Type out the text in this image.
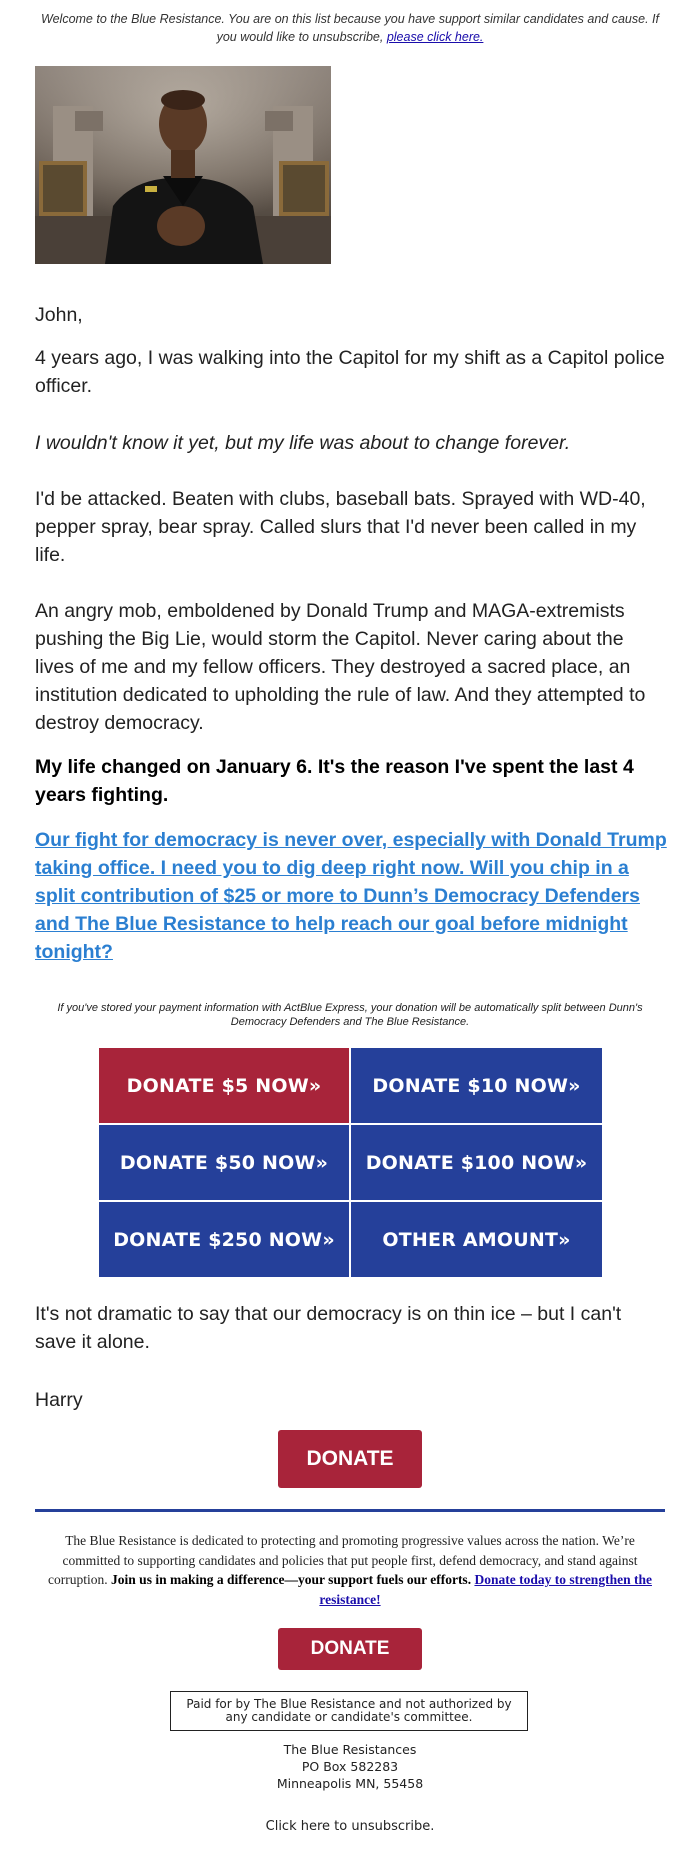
Welcome to the Blue Resistance. You are on this list because you have support similar candidates and cause. If you would like to unsubscribe, please click here.
John,
4 years ago, I was walking into the Capitol for my shift as a Capitol police officer.
I wouldn't know it yet, but my life was about to change forever.
I'd be attacked. Beaten with clubs, baseball bats. Sprayed with WD-40, pepper spray, bear spray. Called slurs that I'd never been called in my life.
An angry mob, emboldened by Donald Trump and MAGA-extremists pushing the Big Lie, would storm the Capitol. Never caring about the lives of me and my fellow officers. They destroyed a sacred place, an institution dedicated to upholding the rule of law. And they attempted to destroy democracy.
My life changed on January 6. It's the reason I've spent the last 4 years fighting.
Our fight for democracy is never over, especially with Donald Trump taking office. I need you to dig deep right now. Will you chip in a split contribution of $25 or more to Dunn’s Democracy Defenders and The Blue Resistance to help reach our goal before midnight tonight?
If you've stored your payment information with ActBlue Express, your donation will be automatically split between Dunn's Democracy Defenders and The Blue Resistance.
DONATE $5 NOW»	DONATE $10 NOW»
DONATE $50 NOW»	DONATE $100 NOW»
DONATE $250 NOW»	OTHER AMOUNT»
It's not dramatic to say that our democracy is on thin ice – but I can't save it alone.
Harry
DONATE
The Blue Resistance is dedicated to protecting and promoting progressive values across the nation. We’re committed to supporting candidates and policies that put people first, defend democracy, and stand against corruption. Join us in making a difference—your support fuels our efforts. Donate today to strengthen the resistance!
DONATE
Paid for by The Blue Resistance and not authorized by any candidate or candidate's committee.
The Blue Resistances
PO Box 582283
Minneapolis MN, 55458
Click here to unsubscribe.
